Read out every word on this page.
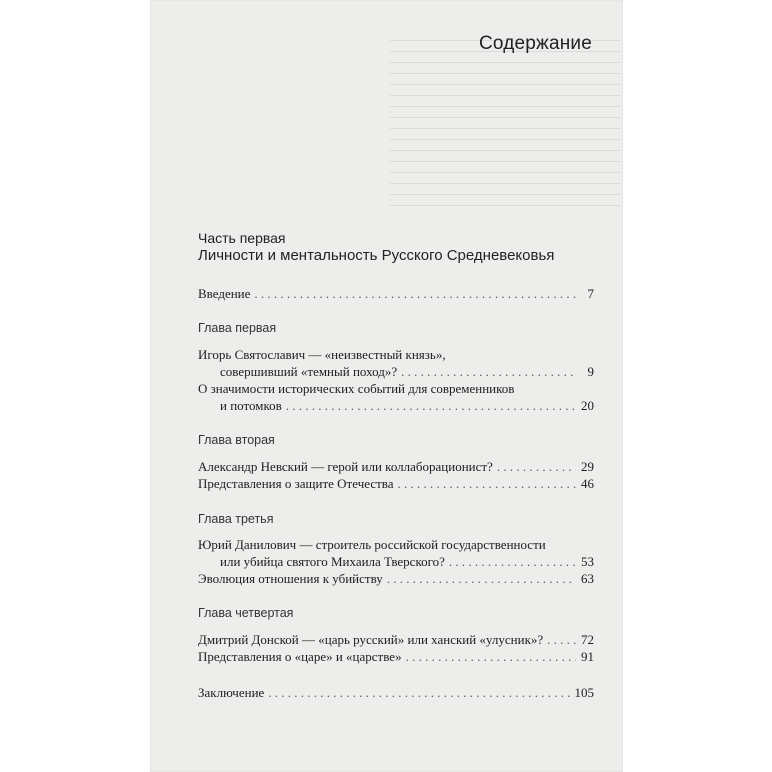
Содержание
Часть первая
Личности и ментальность Русского Средневековья
Введение . . .	7
Глава первая
Игорь Святославич — «неизвестный князь»,
совершивший «темный поход»? . . .	9
О значимости исторических событий для современников
и потомков . . .	20
Глава вторая
Александр Невский — герой или коллаборационист? . . .	29
Представления о защите Отечества . . .	46
Глава третья
Юрий Данилович — строитель российской государственности
или убийца святого Михаила Тверского? . . .	53
Эволюция отношения к убийству . . .	63
Глава четвертая
Дмитрий Донской — «царь русский» или ханский «улусник»? . . .	72
Представления о «царе» и «царстве» . . .	91
Заключение . . .	105
